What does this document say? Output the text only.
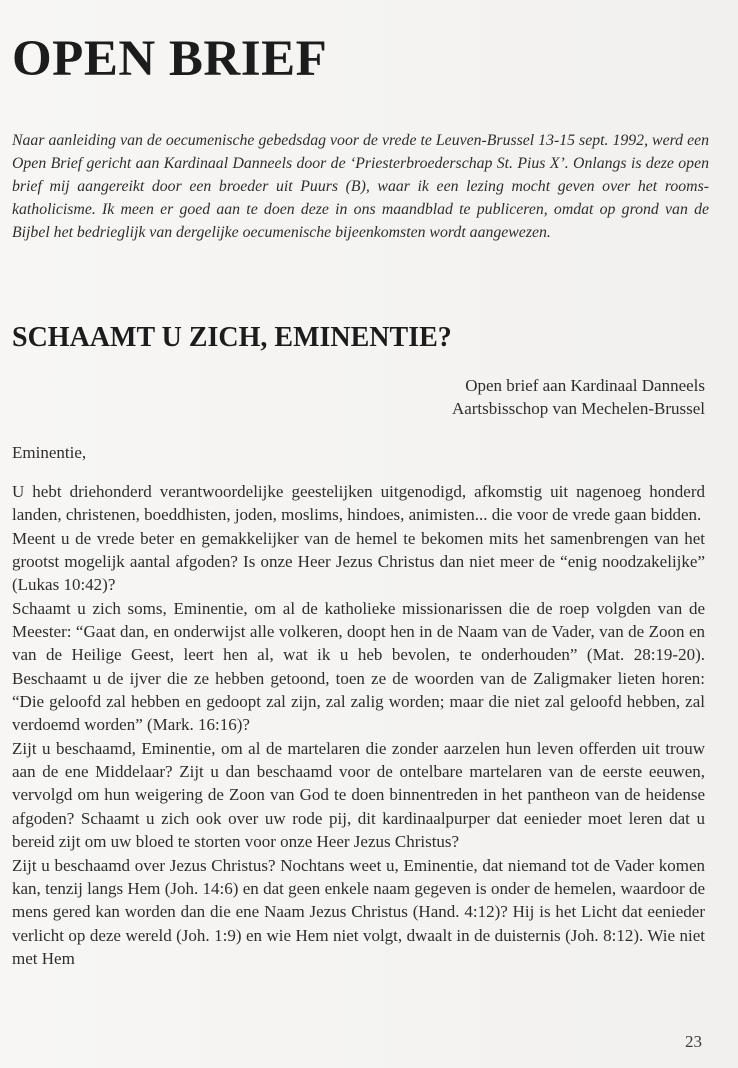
OPEN BRIEF

Naar aanleiding van de oecumenische gebedsdag voor de vrede te Leuven-Brussel 13-15 sept. 1992, werd een Open Brief gericht aan Kardinaal Danneels door de ‘Priesterbroederschap St. Pius X’. Onlangs is deze open brief mij aangereikt door een broeder uit Puurs (B), waar ik een lezing mocht geven over het rooms-katholicisme. Ik meen er goed aan te doen deze in ons maandblad te publiceren, omdat op grond van de Bijbel het bedrieglijk van dergelijke oecumenische bijeenkomsten wordt aangewezen.

SCHAAMT U ZICH, EMINENTIE?
Open brief aan Kardinaal Danneels
Aartsbisschop van Mechelen-Brussel
Eminentie,

U hebt driehonderd verantwoordelijke geestelijken uitgenodigd, afkomstig uit nagenoeg honderd landen, christenen, boeddhisten, joden, moslims, hindoes, animisten... die voor de vrede gaan bidden.

Meent u de vrede beter en gemakkelijker van de hemel te bekomen mits het samenbrengen van het grootst mogelijk aantal afgoden? Is onze Heer Jezus Christus dan niet meer de “enig noodzakelijke” (Lukas 10:42)?

Schaamt u zich soms, Eminentie, om al de katholieke missionarissen die de roep volgden van de Meester: “Gaat dan, en onderwijst alle volkeren, doopt hen in de Naam van de Vader, van de Zoon en van de Heilige Geest, leert hen al, wat ik u heb bevolen, te onderhouden” (Mat. 28:19-20). Beschaamt u de ijver die ze hebben getoond, toen ze de woorden van de Zaligmaker lieten horen: “Die geloofd zal hebben en gedoopt zal zijn, zal zalig worden; maar die niet zal geloofd hebben, zal verdoemd worden” (Mark. 16:16)?

Zijt u beschaamd, Eminentie, om al de martelaren die zonder aarzelen hun leven offerden uit trouw aan de ene Middelaar? Zijt u dan beschaamd voor de ontelbare martelaren van de eerste eeuwen, vervolgd om hun weigering de Zoon van God te doen binnentreden in het pantheon van de heidense afgoden? Schaamt u zich ook over uw rode pij, dit kardinaalpurper dat eenieder moet leren dat u bereid zijt om uw bloed te storten voor onze Heer Jezus Christus?

Zijt u beschaamd over Jezus Christus? Nochtans weet u, Eminentie, dat niemand tot de Vader komen kan, tenzij langs Hem (Joh. 14:6) en dat geen enkele naam gegeven is onder de hemelen, waardoor de mens gered kan worden dan die ene Naam Jezus Christus (Hand. 4:12)? Hij is het Licht dat eenieder verlicht op deze wereld (Joh. 1:9) en wie Hem niet volgt, dwaalt in de duisternis (Joh. 8:12). Wie niet met Hem

23
